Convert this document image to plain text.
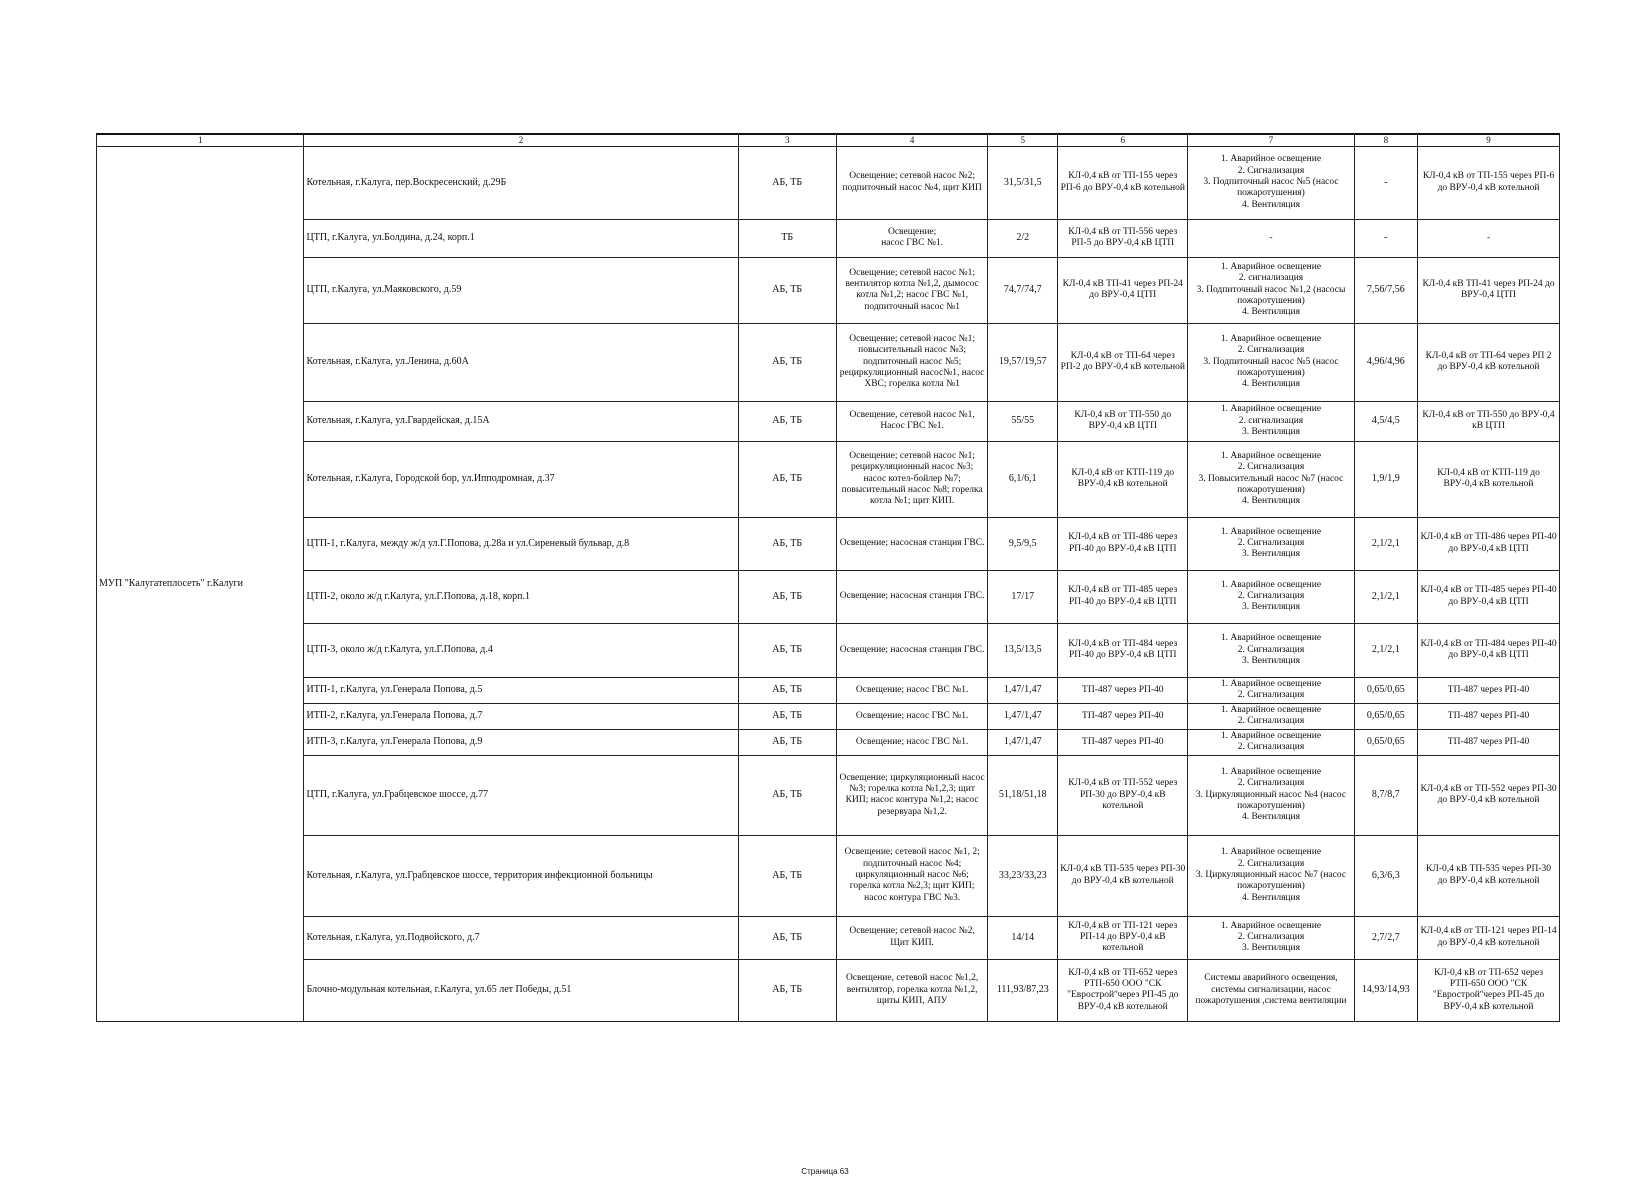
1	2	3	4	5	6	7	8	9
МУП "Калугатеплосеть" г.Калуги	Котельная, г.Калуга, пер.Воскресенский, д.29Б	АБ, ТБ	Освещение; сетевой насос №2; подпиточный насос №4, щит КИП	31,5/31,5	КЛ-0,4 кВ от ТП-155 через РП-6 до ВРУ-0,4 кВ котельной	1. Аварийное освещение
2. Сигнализация
3. Подпиточный насос №5 (насос пожаротушения)
4. Вентиляция	-	КЛ-0,4 кВ от ТП-155 через РП-6 до ВРУ-0,4 кВ котельной
	ЦТП, г.Калуга, ул.Болдина, д.24, корп.1	ТБ	Освещение;
насос ГВС №1.	2/2	КЛ-0,4 кВ от ТП-556 через РП-5 до ВРУ-0,4 кВ ЦТП	-	-	-
	ЦТП, г.Калуга, ул.Маяковского, д.59	АБ, ТБ	Освещение; сетевой насос №1; вентилятор котла №1,2, дымосос котла №1,2; насос ГВС №1, подпиточный насос №1	74,7/74,7	КЛ-0,4 кВ ТП-41 через РП-24 до ВРУ-0,4 ЦТП	1. Аварийное освещение
2. сигнализация
3. Подпиточный насос №1,2 (насосы пожаротушения)
4. Вентиляция	7,56/7,56	КЛ-0,4 кВ ТП-41 через РП-24 до ВРУ-0,4 ЦТП
	Котельная, г.Калуга, ул.Ленина, д.60А	АБ, ТБ	Освещение; сетевой насос №1; повысительный насос №3; подпиточный насос №5; рециркуляционный насос№1, насос ХВС; горелка котла №1	19,57/19,57	КЛ-0,4 кВ от ТП-64 через РП-2 до ВРУ-0,4 кВ котельной	1. Аварийное освещение
2. Сигнализация
3. Подпиточный насос №5 (насос пожаротушения)
4. Вентиляция	4,96/4,96	КЛ-0,4 кВ от ТП-64 через РП 2 до ВРУ-0,4 кВ котельной
	Котельная, г.Калуга, ул.Гвардейская, д.15А	АБ, ТБ	Освещение, сетевой насос №1, Насос ГВС №1.	55/55	КЛ-0,4 кВ от ТП-550 до ВРУ-0,4 кВ ЦТП	1. Аварийное освещение
2. сигнализация
3. Вентиляция	4,5/4,5	КЛ-0,4 кВ от ТП-550 до ВРУ-0,4 кВ ЦТП
	Котельная, г.Калуга, Городской бор, ул.Ипподромная, д.37	АБ, ТБ	Освещение; сетевой насос №1; рециркуляционный насос №3; насос котел-бойлер №7; повысительный насос №8; горелка котла №1; щит КИП.	6,1/6,1	КЛ-0,4 кВ от КТП-119 до ВРУ-0,4 кВ котельной	1. Аварийное освещение
2. Сигнализация
3. Повысительный насос №7 (насос пожаротушения)
4. Вентиляция	1,9/1,9	КЛ-0,4 кВ от КТП-119 до ВРУ-0,4 кВ котельной
	ЦТП-1, г.Калуга, между ж/д ул.Г.Попова, д.28а и ул.Сиреневый бульвар, д.8	АБ, ТБ	Освещение; насосная станция ГВС.	9,5/9,5	КЛ-0,4 кВ от ТП-486 через РП-40 до ВРУ-0,4 кВ ЦТП	1. Аварийное освещение
2. Сигнализация
3. Вентиляция	2,1/2,1	КЛ-0,4 кВ от ТП-486 через РП-40 до ВРУ-0,4 кВ ЦТП
	ЦТП-2, около ж/д г.Калуга, ул.Г.Попова, д.18, корп.1	АБ, ТБ	Освещение; насосная станция ГВС.	17/17	КЛ-0,4 кВ от ТП-485 через РП-40 до ВРУ-0,4 кВ ЦТП	1. Аварийное освещение
2. Сигнализация
3. Вентиляция	2,1/2,1	КЛ-0,4 кВ от ТП-485 через РП-40 до ВРУ-0,4 кВ ЦТП
	ЦТП-3, около ж/д г.Калуга, ул.Г.Попова, д.4	АБ, ТБ	Освещение; насосная станция ГВС.	13,5/13,5	КЛ-0,4 кВ от ТП-484 через РП-40 до ВРУ-0,4 кВ ЦТП	1. Аварийное освещение
2. Сигнализация
3. Вентиляция	2,1/2,1	КЛ-0,4 кВ от ТП-484 через РП-40 до ВРУ-0,4 кВ ЦТП
	ИТП-1, г.Калуга, ул.Генерала Попова, д.5	АБ, ТБ	Освещение; насос ГВС №1.	1,47/1,47	ТП-487 через РП-40	1. Аварийное освещение
2. Сигнализация	0,65/0,65	ТП-487 через РП-40
	ИТП-2, г.Калуга, ул.Генерала Попова, д.7	АБ, ТБ	Освещение; насос ГВС №1.	1,47/1,47	ТП-487 через РП-40	1. Аварийное освещение
2. Сигнализация	0,65/0,65	ТП-487 через РП-40
	ИТП-3, г.Калуга, ул.Генерала Попова, д.9	АБ, ТБ	Освещение; насос ГВС №1.	1,47/1,47	ТП-487 через РП-40	1. Аварийное освещение
2. Сигнализация	0,65/0,65	ТП-487 через РП-40
	ЦТП, г.Калуга, ул.Грабцевское шоссе, д.77	АБ, ТБ	Освещение; циркуляционный насос №3; горелка котла №1,2,3; щит КИП; насос контура №1,2; насос резервуара №1,2.	51,18/51,18	КЛ-0,4 кВ от ТП-552 через РП-30 до ВРУ-0,4 кВ котельной	1. Аварийное освещение
2. Сигнализация
3. Циркуляционный насос №4 (насос пожаротушения)
4. Вентиляция	8,7/8,7	КЛ-0,4 кВ от ТП-552 через РП-30 до ВРУ-0,4 кВ котельной
	Котельная, г.Калуга, ул.Грабцевское шоссе, территория инфекционной больницы	АБ, ТБ	Освещение; сетевой насос №1, 2; подпиточный насос №4; циркуляционный насос №6; горелка котла №2,3; щит КИП; насос контура ГВС №3.	33,23/33,23	КЛ-0,4 кВ ТП-535 через РП-30 до ВРУ-0,4 кВ котельной	1. Аварийное освещение
2. Сигнализация
3. Циркуляционный насос №7 (насос пожаротушения)
4. Вентиляция	6,3/6,3	КЛ-0,4 кВ ТП-535 через РП-30 до ВРУ-0,4 кВ котельной
	Котельная, г.Калуга, ул.Подвойского, д.7	АБ, ТБ	Освещение; сетевой насос №2, Щит КИП.	14/14	КЛ-0,4 кВ от ТП-121 через РП-14 до ВРУ-0,4 кВ котельной	1. Аварийное освещение
2. Сигнализация
3. Вентиляция	2,7/2,7	КЛ-0,4 кВ от ТП-121 через РП-14 до ВРУ-0,4 кВ котельной
	Блочно-модульная котельная, г.Калуга, ул.65 лет Победы, д.51	АБ, ТБ	Освещение, сетевой насос №1,2, вентилятор, горелка котла №1,2, щиты КИП, АПУ	111,93/87,23	КЛ-0,4 кВ от ТП-652 через РТП-650 ООО "СК "Евростройʺчерез РП-45 до ВРУ-0,4 кВ котельной	Системы аварийного освещения, системы сигнализации, насос пожаротушения ,система вентиляции	14,93/14,93	КЛ-0,4 кВ от ТП-652 через РТП-650 ООО "СК "Евростройʺчерез РП-45 до ВРУ-0,4 кВ котельной
Страница 63
